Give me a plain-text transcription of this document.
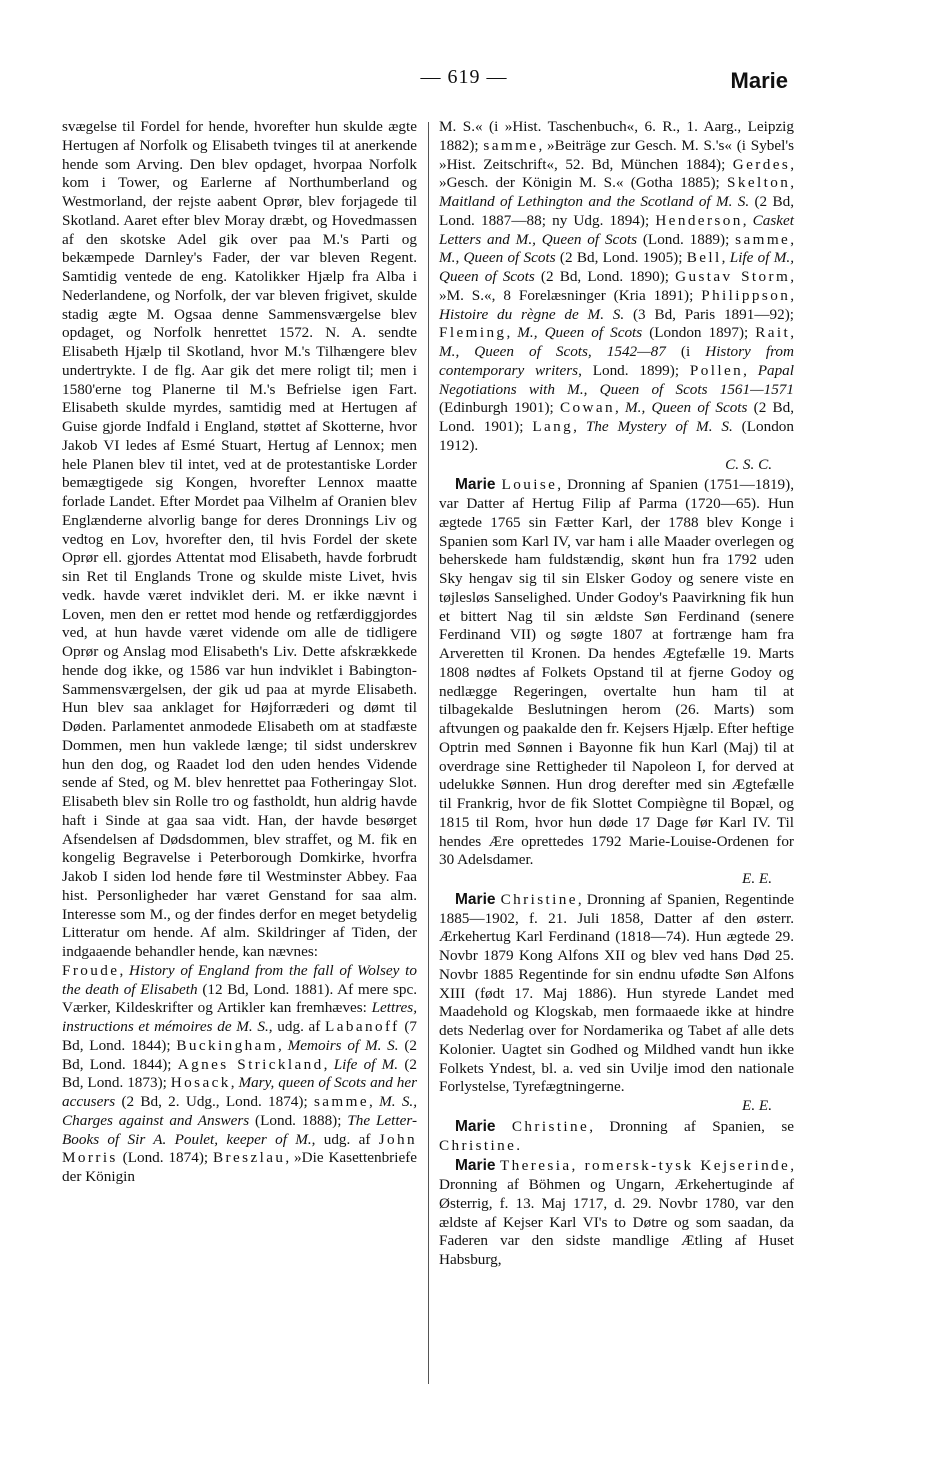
— 619 —	Marie

svægelse til Fordel for hende, hvorefter hun skulde ægte Hertugen af Norfolk og Elisabeth tvinges til at anerkende hende som Arving. Den blev opdaget, hvorpaa Norfolk kom i Tower, og Earlerne af Northumberland og Westmorland, der rejste aabent Oprør, blev forjagede til Skotland. Aaret efter blev Moray dræbt, og Hovedmassen af den skotske Adel gik over paa M.'s Parti og bekæmpede Darnley's Fader, der var bleven Regent. Samtidig ventede de eng. Katolikker Hjælp fra Alba i Nederlandene, og Norfolk, der var bleven frigivet, skulde stadig ægte M. Ogsaa denne Sammensværgelse blev opdaget, og Norfolk henrettet 1572. N. A. sendte Elisabeth Hjælp til Skotland, hvor M.'s Tilhængere blev undertrykte. I de flg. Aar gik det mere roligt til; men i 1580'erne tog Planerne til M.'s Befrielse igen Fart. Elisabeth skulde myrdes, samtidig med at Hertugen af Guise gjorde Indfald i England, støttet af Skotterne, hvor Jakob VI ledes af Esmé Stuart, Hertug af Lennox; men hele Planen blev til intet, ved at de protestantiske Lorder bemægtigede sig Kongen, hvorefter Lennox maatte forlade Landet. Efter Mordet paa Vilhelm af Oranien blev Englænderne alvorlig bange for deres Dronnings Liv og vedtog en Lov, hvorefter den, til hvis Fordel der skete Oprør ell. gjordes Attentat mod Elisabeth, havde forbrudt sin Ret til Englands Trone og skulde miste Livet, hvis vedk. havde været indviklet deri. M. er ikke nævnt i Loven, men den er rettet mod hende og retfærdiggjordes ved, at hun havde været vidende om alle de tidligere Oprør og Anslag mod Elisabeth's Liv. Dette afskrækkede hende dog ikke, og 1586 var hun indviklet i Babington-Sammensværgelsen, der gik ud paa at myrde Elisabeth. Hun blev saa anklaget for Højforræderi og dømt til Døden. Parlamentet anmodede Elisabeth om at stadfæste Dommen, men hun vaklede længe; til sidst underskrev hun den dog, og Raadet lod den uden hendes Vidende sende af Sted, og M. blev henrettet paa Fotheringay Slot. Elisabeth blev sin Rolle tro og fastholdt, hun aldrig havde haft i Sinde at gaa saa vidt. Han, der havde besørget Afsendelsen af Dødsdommen, blev straffet, og M. fik en kongelig Begravelse i Peterborough Domkirke, hvorfra Jakob I siden lod hende føre til Westminster Abbey. Faa hist. Personligheder har været Genstand for saa alm. Interesse som M., og der findes derfor en meget betydelig Litteratur om hende. Af alm. Skildringer af Tiden, der indgaaende behandler hende, kan nævnes:

Froude, History of England from the fall of Wolsey to the death of Elisabeth (12 Bd, Lond. 1881). Af mere spc. Værker, Kildeskrifter og Artikler kan fremhæves: Lettres, instructions et mémoires de M. S., udg. af Labanoff (7 Bd, Lond. 1844); Buckingham, Memoirs of M. S. (2 Bd, Lond. 1844); Agnes Strickland, Life of M. (2 Bd, Lond. 1873); Hosack, Mary, queen of Scots and her accusers (2 Bd, 2. Udg., Lond. 1874); samme, M. S., Charges against and Answers (Lond. 1888); The Letter-Books of Sir A. Poulet, keeper of M., udg. af John Morris (Lond. 1874); Breszlau, »Die Kasettenbriefe der Königin

M. S.« (i »Hist. Taschenbuch«, 6. R., 1. Aarg., Leipzig 1882); samme, »Beiträge zur Gesch. M. S.'s« (i Sybel's »Hist. Zeitschrift«, 52. Bd, München 1884); Gerdes, »Gesch. der Königin M. S.« (Gotha 1885); Skelton, Maitland of Lethington and the Scotland of M. S. (2 Bd, Lond. 1887—88; ny Udg. 1894); Henderson, Casket Letters and M., Queen of Scots (Lond. 1889); samme, M., Queen of Scots (2 Bd, Lond. 1905); Bell, Life of M., Queen of Scots (2 Bd, Lond. 1890); Gustav Storm, »M. S.«, 8 Forelæsninger (Kria 1891); Philippson, Histoire du règne de M. S. (3 Bd, Paris 1891—92); Fleming, M., Queen of Scots (London 1897); Rait, M., Queen of Scots, 1542—87 (i History from contemporary writers, Lond. 1899); Pollen, Papal Negotiations with M., Queen of Scots 1561—1571 (Edinburgh 1901); Cowan, M., Queen of Scots (2 Bd, Lond. 1901); Lang, The Mystery of M. S. (London 1912).

C. S. C.

Marie Louise, Dronning af Spanien (1751—1819), var Datter af Hertug Filip af Parma (1720—65). Hun ægtede 1765 sin Fætter Karl, der 1788 blev Konge i Spanien som Karl IV, var ham i alle Maader overlegen og beherskede ham fuldstændig, skønt hun fra 1792 uden Sky hengav sig til sin Elsker Godoy og senere viste en tøjlesløs Sanselighed. Under Godoy's Paavirkning fik hun et bittert Nag til sin ældste Søn Ferdinand (senere Ferdinand VII) og søgte 1807 at fortrænge ham fra Arveretten til Kronen. Da hendes Ægtefælle 19. Marts 1808 nødtes af Folkets Opstand til at fjerne Godoy og nedlægge Regeringen, overtalte hun ham til at tilbagekalde Beslutningen herom (26. Marts) som aftvungen og paakalde den fr. Kejsers Hjælp. Efter heftige Optrin med Sønnen i Bayonne fik hun Karl (Maj) til at overdrage sine Rettigheder til Napoleon I, for derved at udelukke Sønnen. Hun drog derefter med sin Ægtefælle til Frankrig, hvor de fik Slottet Compiègne til Bopæl, og 1815 til Rom, hvor hun døde 17 Dage før Karl IV. Til hendes Ære oprettedes 1792 Marie-Louise-Ordenen for 30 Adelsdamer.

E. E.

Marie Christine, Dronning af Spanien, Regentinde 1885—1902, f. 21. Juli 1858, Datter af den østerr. Ærkehertug Karl Ferdinand (1818—74). Hun ægtede 29. Novbr 1879 Kong Alfons XII og blev ved hans Død 25. Novbr 1885 Regentinde for sin endnu ufødte Søn Alfons XIII (født 17. Maj 1886). Hun styrede Landet med Maadehold og Klogskab, men formaaede ikke at hindre dets Nederlag over for Nordamerika og Tabet af alle dets Kolonier. Uagtet sin Godhed og Mildhed vandt hun ikke Folkets Yndest, bl. a. ved sin Uvilje imod den nationale Forlystelse, Tyrefægtningerne.

E. E.

Marie Christine, Dronning af Spanien, se Christine.

Marie Theresia, romersk-tysk Kejserinde, Dronning af Böhmen og Ungarn, Ærkehertuginde af Østerrig, f. 13. Maj 1717, d. 29. Novbr 1780, var den ældste af Kejser Karl VI's to Døtre og som saadan, da Faderen var den sidste mandlige Ætling af Huset Habsburg,
